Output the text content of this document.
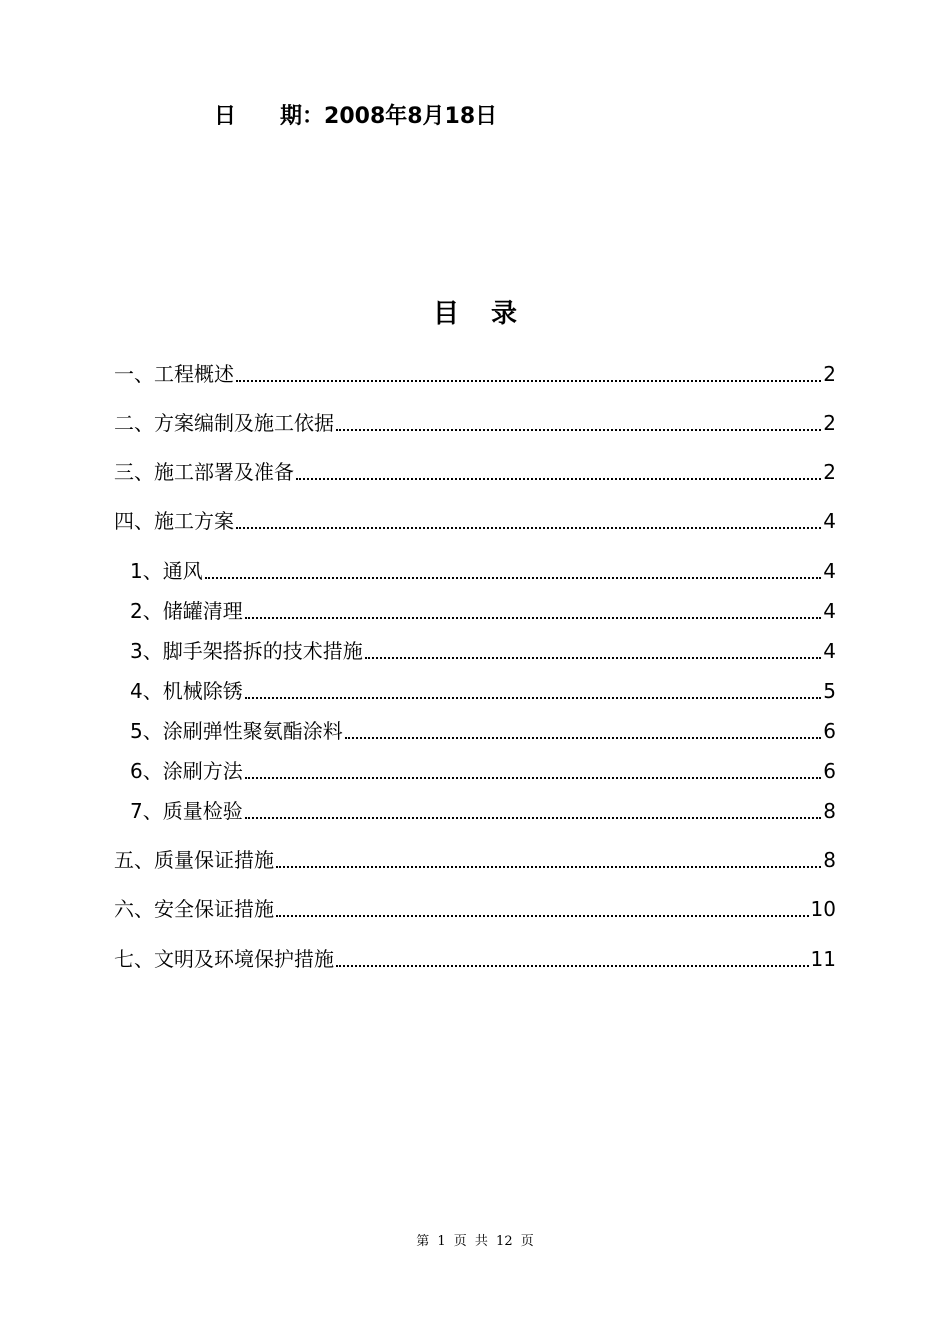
日　　期：2008年8月18日
目录
一、工程概述	2
二、方案编制及施工依据	2
三、施工部署及准备	2
四、施工方案	4
1、通风	4
2、储罐清理	4
3、脚手架搭拆的技术措施	4
4、机械除锈	5
5、涂刷弹性聚氨酯涂料	6
6、涂刷方法	6
7、质量检验	8
五、质量保证措施	8
六、安全保证措施	10
七、文明及环境保护措施	11
第 1 页 共 12 页
